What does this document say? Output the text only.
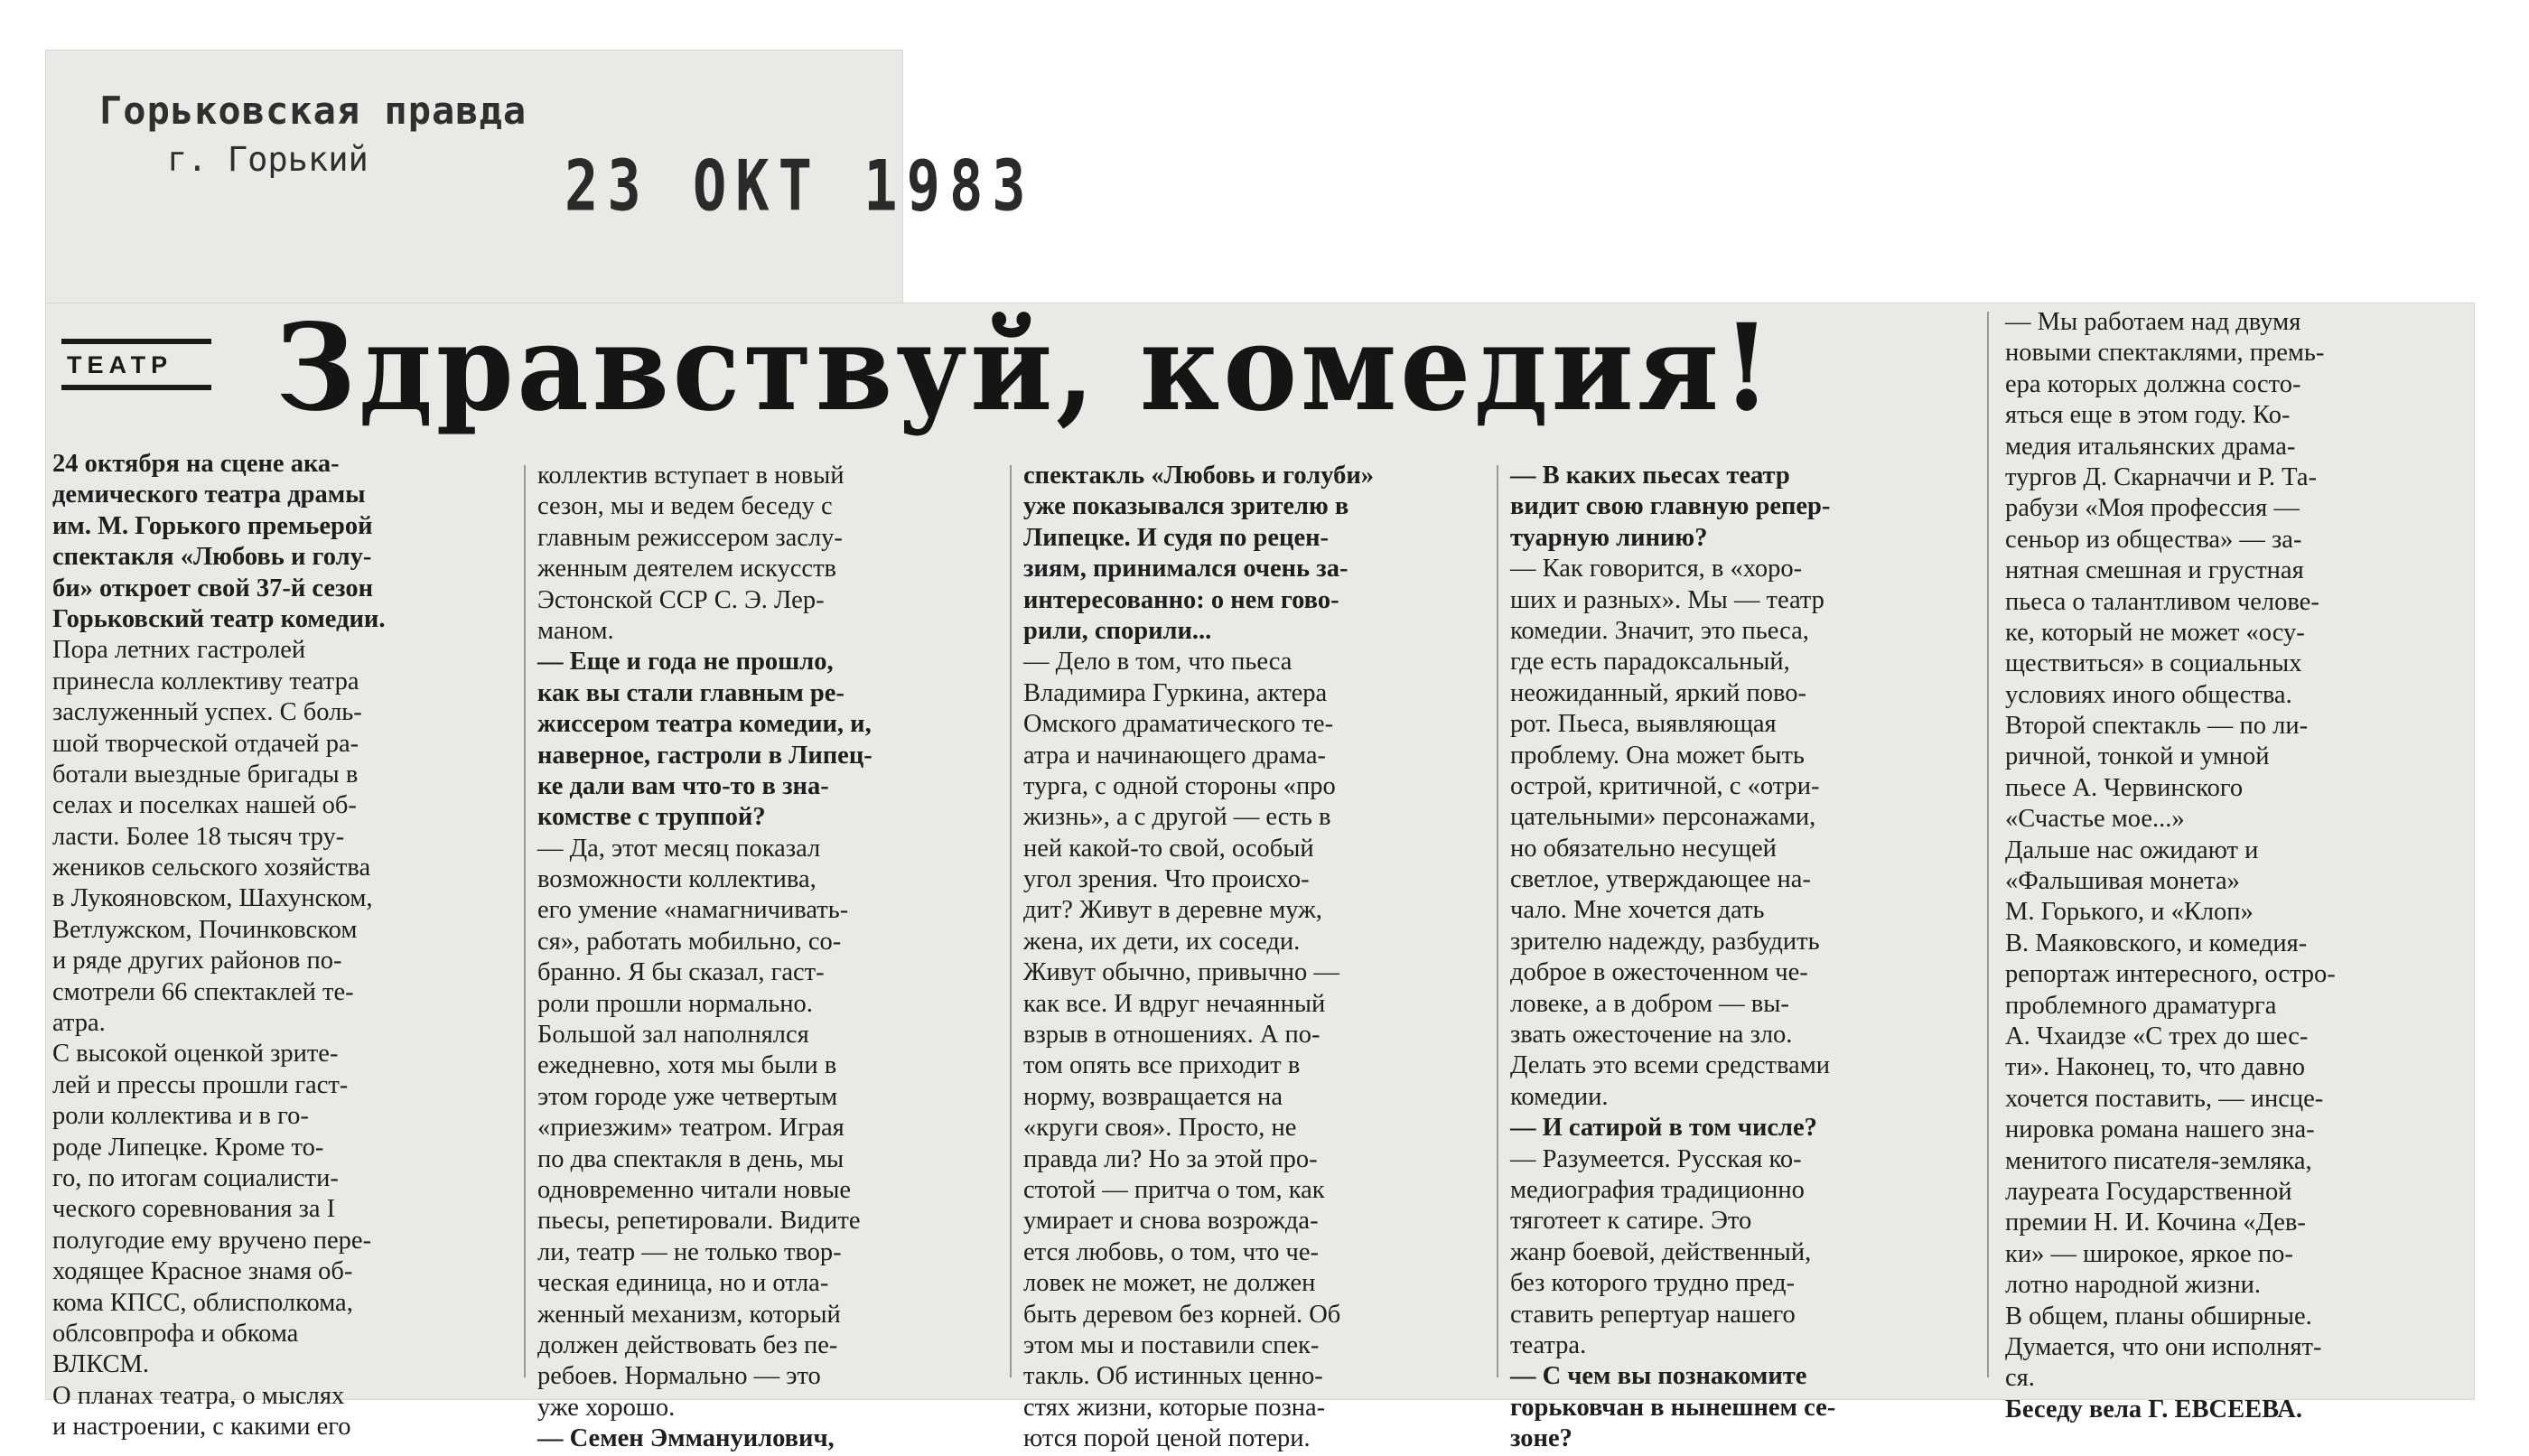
Горьковская правда
г. Горький	23 ОКТ 1983
ТЕАТР Здравствуй, комедия!
24 октября на сцене ака-
демического театра драмы
им. М. Горького премьерой
спектакля «Любовь и голу-
би» откроет свой 37-й сезон
Горьковский театр комедии.
Пора летних гастролей
принесла коллективу театра
заслуженный успех. С боль-
шой творческой отдачей ра-
ботали выездные бригады в
селах и поселках нашей об-
ласти. Более 18 тысяч тру-
жеников сельского хозяйства
в Лукояновском, Шахунском,
Ветлужском, Починковском
и ряде других районов по-
смотрели 66 спектаклей те-
атра.
С высокой оценкой зрите-
лей и прессы прошли гаст-
роли коллектива и в го-
роде Липецке. Кроме то-
го, по итогам социалисти-
ческого соревнования за I
полугодие ему вручено пере-
ходящее Красное знамя об-
кома КПСС, облисполкома,
облсовпрофа и обкома
ВЛКСМ.
О планах театра, о мыслях
и настроении, с какими его
коллектив вступает в новый
сезон, мы и ведем беседу с
главным режиссером заслу-
женным деятелем искусств
Эстонской ССР С. Э. Лер-
маном.
— Еще и года не прошло,
как вы стали главным ре-
жиссером театра комедии, и,
наверное, гастроли в Липец-
ке дали вам что-то в зна-
комстве с труппой?
— Да, этот месяц показал
возможности коллектива,
его умение «намагничивать-
ся», работать мобильно, со-
бранно. Я бы сказал, гаст-
роли прошли нормально.
Большой зал наполнялся
ежедневно, хотя мы были в
этом городе уже четвертым
«приезжим» театром. Играя
по два спектакля в день, мы
одновременно читали новые
пьесы, репетировали. Видите
ли, театр — не только твор-
ческая единица, но и отла-
женный механизм, который
должен действовать без пе-
ребоев. Нормально — это
уже хорошо.
— Семен Эммануилович,
спектакль «Любовь и голуби»
уже показывался зрителю в
Липецке. И судя по рецен-
зиям, принимался очень за-
интересованно: о нем гово-
рили, спорили...
— Дело в том, что пьеса
Владимира Гуркина, актера
Омского драматического те-
атра и начинающего драма-
турга, с одной стороны «про
жизнь», а с другой — есть в
ней какой-то свой, особый
угол зрения. Что происхо-
дит? Живут в деревне муж,
жена, их дети, их соседи.
Живут обычно, привычно —
как все. И вдруг нечаянный
взрыв в отношениях. А по-
том опять все приходит в
норму, возвращается на
«круги своя». Просто, не
правда ли? Но за этой про-
стотой — притча о том, как
умирает и снова возрожда-
ется любовь, о том, что че-
ловек не может, не должен
быть деревом без корней. Об
этом мы и поставили спек-
такль. Об истинных ценно-
стях жизни, которые позна-
ются порой ценой потери.
— В каких пьесах театр
видит свою главную репер-
туарную линию?
— Как говорится, в «хоро-
ших и разных». Мы — театр
комедии. Значит, это пьеса,
где есть парадоксальный,
неожиданный, яркий пово-
рот. Пьеса, выявляющая
проблему. Она может быть
острой, критичной, с «отри-
цательными» персонажами,
но обязательно несущей
светлое, утверждающее на-
чало. Мне хочется дать
зрителю надежду, разбудить
доброе в ожесточенном че-
ловеке, а в добром — вы-
звать ожесточение на зло.
Делать это всеми средствами
комедии.
— И сатирой в том числе?
— Разумеется. Русская ко-
медиография традиционно
тяготеет к сатире. Это
жанр боевой, действенный,
без которого трудно пред-
ставить репертуар нашего
театра.
— С чем вы познакомите
горьковчан в нынешнем се-
зоне?
— Мы работаем над двумя
новыми спектаклями, премь-
ера которых должна состо-
яться еще в этом году. Ко-
медия итальянских драма-
тургов Д. Скарначчи и Р. Та-
рабузи «Моя профессия —
сеньор из общества» — за-
нятная смешная и грустная
пьеса о талантливом челове-
ке, который не может «осу-
ществиться» в социальных
условиях иного общества.
Второй спектакль — по ли-
ричной, тонкой и умной
пьесе А. Червинского
«Счастье мое...»
Дальше нас ожидают и
«Фальшивая монета»
М. Горького, и «Клоп»
В. Маяковского, и комедия-
репортаж интересного, остро-
проблемного драматурга
А. Чхаидзе «С трех до шес-
ти». Наконец, то, что давно
хочется поставить, — инсце-
нировка романа нашего зна-
менитого писателя-земляка,
лауреата Государственной
премии Н. И. Кочина «Дев-
ки» — широкое, яркое по-
лотно народной жизни.
В общем, планы обширные.
Думается, что они исполнят-
ся.
Беседу вела Г. ЕВСЕЕВА.
